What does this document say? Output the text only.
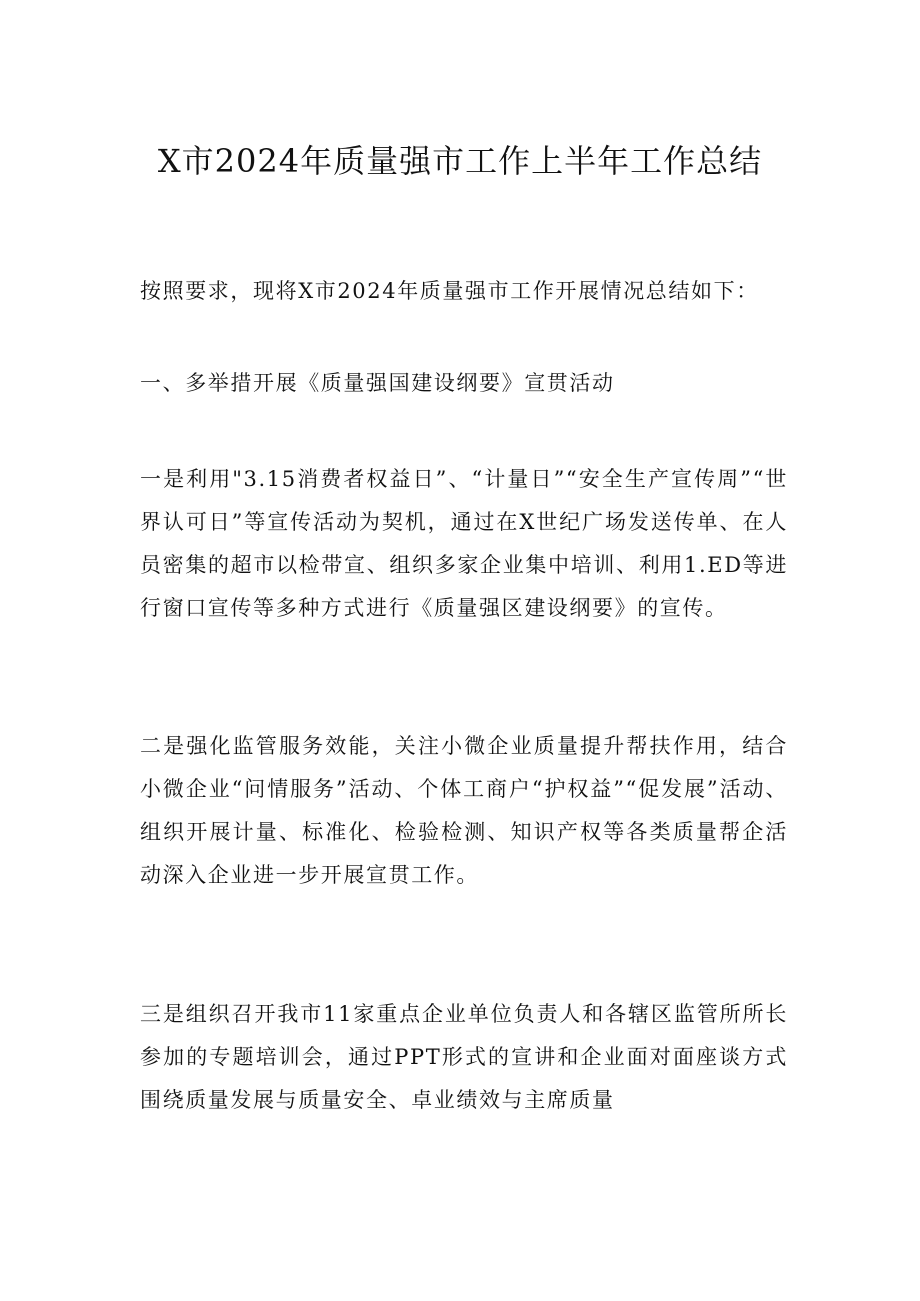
X市2024年质量强市工作上半年工作总结

按照要求，现将X市2024年质量强市工作开展情况总结如下：

一、多举措开展《质量强国建设纲要》宣贯活动

一是利用"3.15消费者权益日”、“计量日”“安全生产宣传周”“世界认可日”等宣传活动为契机，通过在X世纪广场发送传单、在人员密集的超市以检带宣、组织多家企业集中培训、利用1.ED等进行窗口宣传等多种方式进行《质量强区建设纲要》的宣传。

二是强化监管服务效能，关注小微企业质量提升帮扶作用，结合小微企业“问情服务”活动、个体工商户“护权益”“促发展”活动、组织开展计量、标准化、检验检测、知识产权等各类质量帮企活动深入企业进一步开展宣贯工作。

三是组织召开我市11家重点企业单位负责人和各辖区监管所所长参加的专题培训会，通过PPT形式的宣讲和企业面对面座谈方式围绕质量发展与质量安全、卓业绩效与主席质量
